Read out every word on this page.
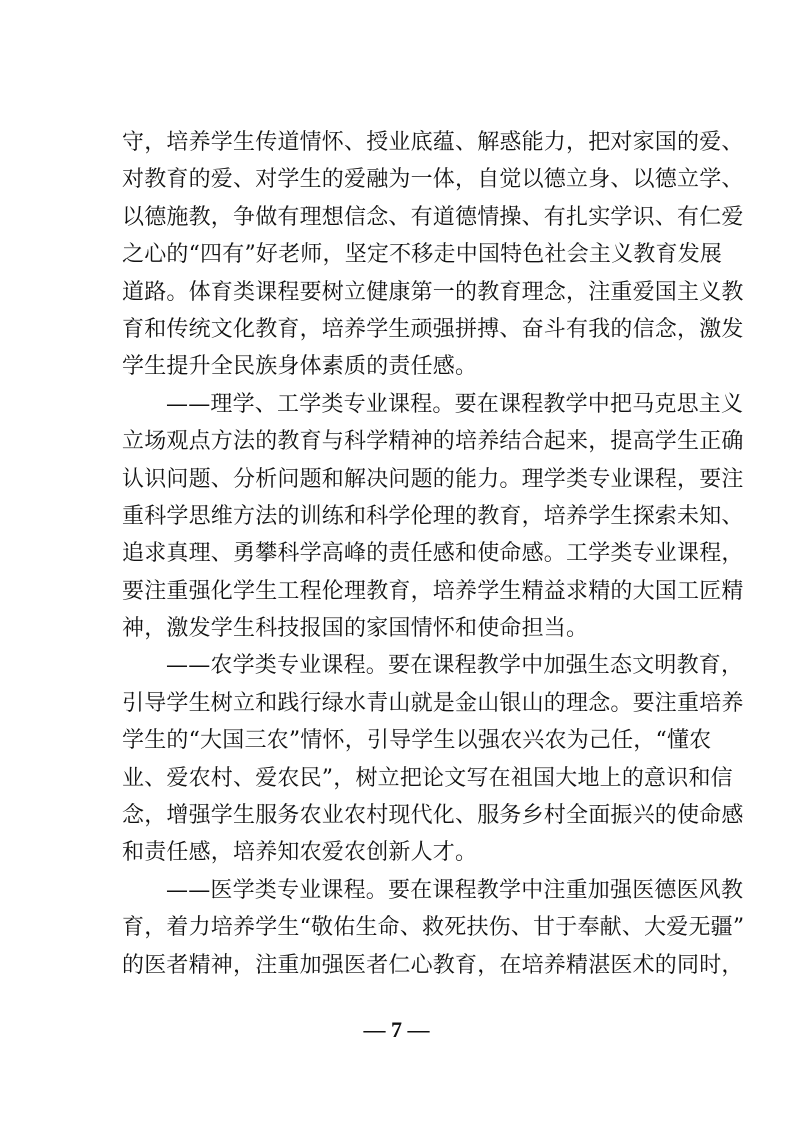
守，培养学生传道情怀、授业底蕴、解惑能力，把对家国的爱、
对教育的爱、对学生的爱融为一体，自觉以德立身、以德立学、
以德施教，争做有理想信念、有道德情操、有扎实学识、有仁爱
之心的“四有”好老师，坚定不移走中国特色社会主义教育发展
道路。体育类课程要树立健康第一的教育理念，注重爱国主义教
育和传统文化教育，培养学生顽强拼搏、奋斗有我的信念，激发
学生提升全民族身体素质的责任感。
——理学、工学类专业课程。要在课程教学中把马克思主义
立场观点方法的教育与科学精神的培养结合起来，提高学生正确
认识问题、分析问题和解决问题的能力。理学类专业课程，要注
重科学思维方法的训练和科学伦理的教育，培养学生探索未知、
追求真理、勇攀科学高峰的责任感和使命感。工学类专业课程，
要注重强化学生工程伦理教育，培养学生精益求精的大国工匠精
神，激发学生科技报国的家国情怀和使命担当。
——农学类专业课程。要在课程教学中加强生态文明教育，
引导学生树立和践行绿水青山就是金山银山的理念。要注重培养
学生的“大国三农”情怀，引导学生以强农兴农为己任，“懂农
业、爱农村、爱农民”，树立把论文写在祖国大地上的意识和信
念，增强学生服务农业农村现代化、服务乡村全面振兴的使命感
和责任感，培养知农爱农创新人才。
——医学类专业课程。要在课程教学中注重加强医德医风教
育，着力培养学生“敬佑生命、救死扶伤、甘于奉献、大爱无疆”
的医者精神，注重加强医者仁心教育，在培养精湛医术的同时，
— 7 —
